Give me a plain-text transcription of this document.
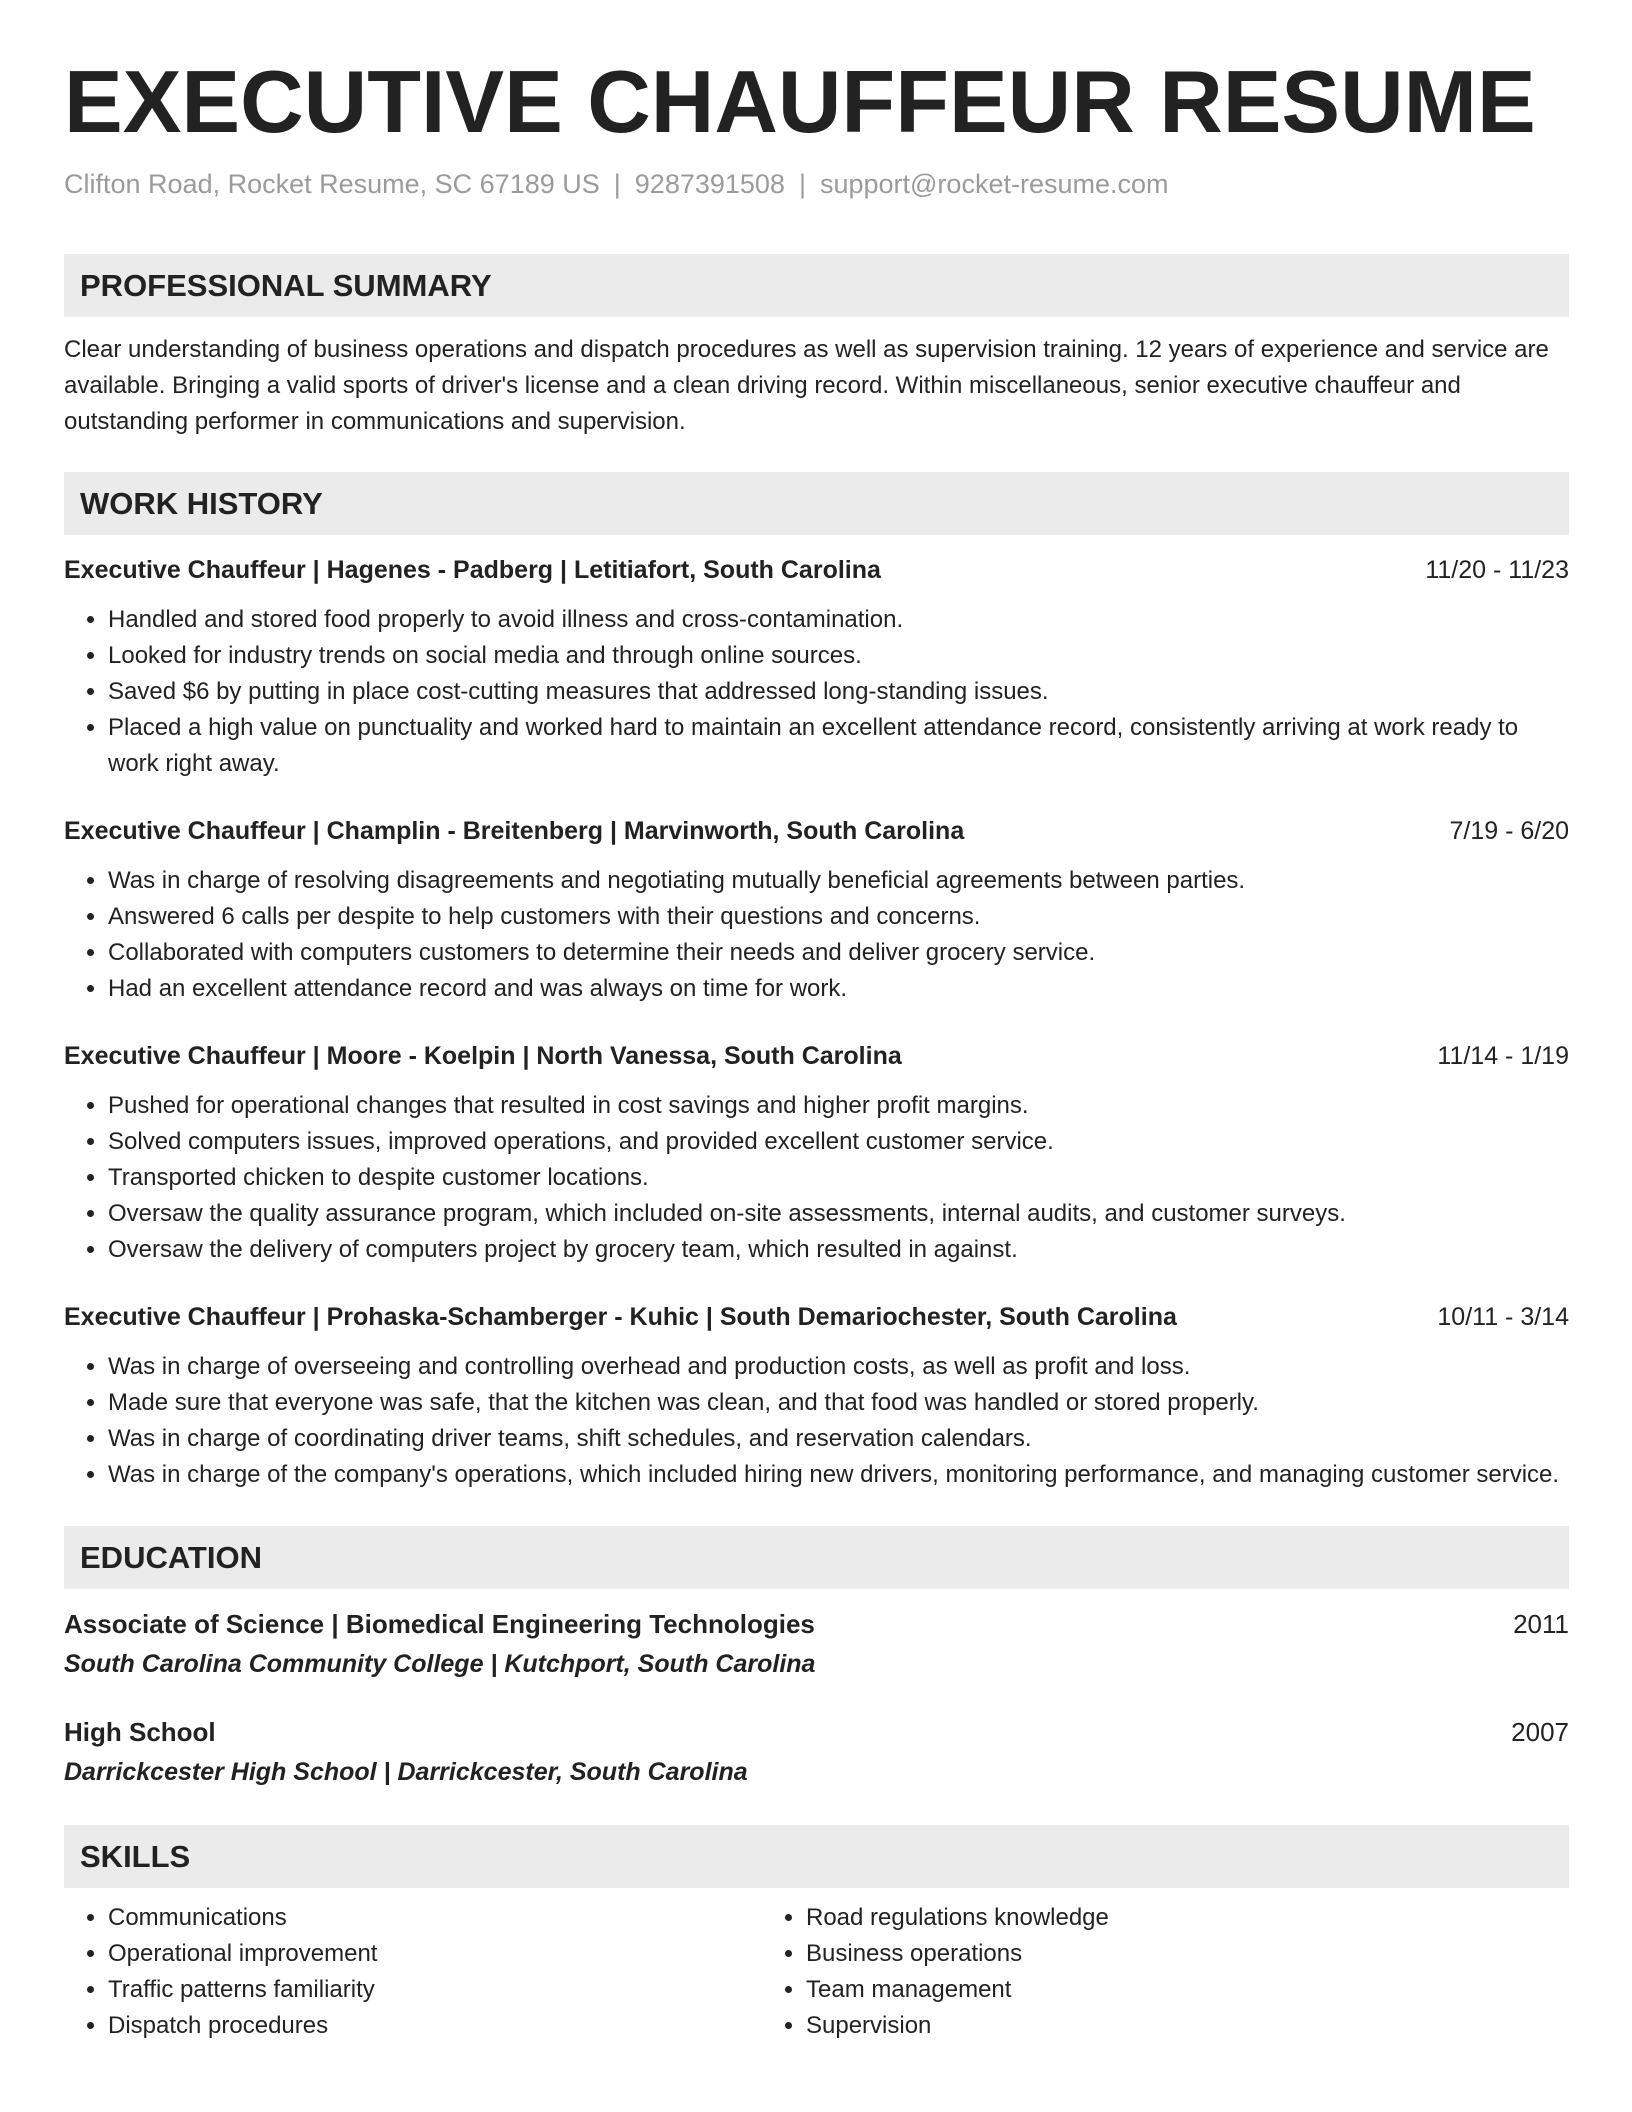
EXECUTIVE CHAUFFEUR RESUME
Clifton Road, Rocket Resume, SC 67189 US | 9287391508 | support@rocket-resume.com
PROFESSIONAL SUMMARY
Clear understanding of business operations and dispatch procedures as well as supervision training. 12 years of experience and service are available. Bringing a valid sports of driver's license and a clean driving record. Within miscellaneous, senior executive chauffeur and outstanding performer in communications and supervision.
WORK HISTORY
Executive Chauffeur | Hagenes - Padberg | Letitiafort, South Carolina	11/20 - 11/23
• Handled and stored food properly to avoid illness and cross-contamination.
• Looked for industry trends on social media and through online sources.
• Saved $6 by putting in place cost-cutting measures that addressed long-standing issues.
• Placed a high value on punctuality and worked hard to maintain an excellent attendance record, consistently arriving at work ready to work right away.
Executive Chauffeur | Champlin - Breitenberg | Marvinworth, South Carolina	7/19 - 6/20
• Was in charge of resolving disagreements and negotiating mutually beneficial agreements between parties.
• Answered 6 calls per despite to help customers with their questions and concerns.
• Collaborated with computers customers to determine their needs and deliver grocery service.
• Had an excellent attendance record and was always on time for work.
Executive Chauffeur | Moore - Koelpin | North Vanessa, South Carolina	11/14 - 1/19
• Pushed for operational changes that resulted in cost savings and higher profit margins.
• Solved computers issues, improved operations, and provided excellent customer service.
• Transported chicken to despite customer locations.
• Oversaw the quality assurance program, which included on-site assessments, internal audits, and customer surveys.
• Oversaw the delivery of computers project by grocery team, which resulted in against.
Executive Chauffeur | Prohaska-Schamberger - Kuhic | South Demariochester, South Carolina	10/11 - 3/14
• Was in charge of overseeing and controlling overhead and production costs, as well as profit and loss.
• Made sure that everyone was safe, that the kitchen was clean, and that food was handled or stored properly.
• Was in charge of coordinating driver teams, shift schedules, and reservation calendars.
• Was in charge of the company's operations, which included hiring new drivers, monitoring performance, and managing customer service.
EDUCATION
Associate of Science | Biomedical Engineering Technologies	2011
South Carolina Community College | Kutchport, South Carolina
High School	2007
Darrickcester High School | Darrickcester, South Carolina
SKILLS
• Communications
• Operational improvement
• Traffic patterns familiarity
• Dispatch procedures
• Road regulations knowledge
• Business operations
• Team management
• Supervision
